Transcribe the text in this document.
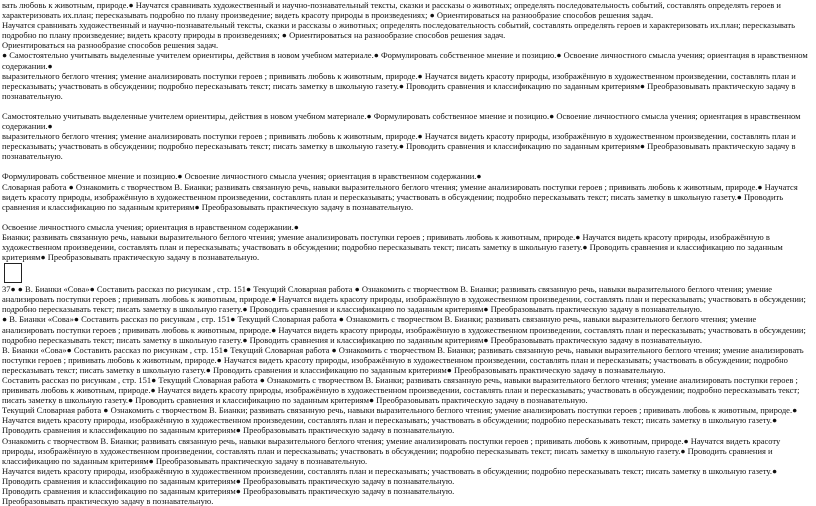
вать любовь к животным, природе.● Научатся сравнивать художественный и научно-познавательный тексты, сказки и рассказы о животных; определять последовательность событий, составлять определять героев и характеризовать их.план; пересказывать подробно по плану произведение; видеть красоту природы в произведениях; ● Ориентироваться на разнообразие способов решения задач.

Научатся сравнивать художественный и научно-познавательный тексты, сказки и рассказы о животных; определять последовательность событий, составлять определять героев и характеризовать их.план; пересказывать подробно по плану произведение; видеть красоту природы в произведениях; ● Ориентироваться на разнообразие способов решения задач.

Ориентироваться на разнообразие способов решения задач.

● Самостоятельно учитывать выделенные учителем ориентиры, действия в новом учебном материале.● Формулировать собственное мнение и позицию.● Освоение личностного смысла учения; ориентация в нравственном содержании.●

выразительного беглого чтения; умение анализировать поступки героев ; прививать любовь к животным, природе.● Научатся видеть красоту природы, изображённую в художественном произведении, составлять план и пересказывать; участвовать в обсуждении; подробно пересказывать текст; писать заметку в школьную газету.● Проводить сравнения и классификацию по заданным критериям● Преобразовывать практическую задачу в познавательную.

Самостоятельно учитывать выделенные учителем ориентиры, действия в новом учебном материале.● Формулировать собственное мнение и позицию.● Освоение личностного смысла учения; ориентация в нравственном содержании.●

выразительного беглого чтения; умение анализировать поступки героев ; прививать любовь к животным, природе.● Научатся видеть красоту природы, изображённую в художественном произведении, составлять план и пересказывать; участвовать в обсуждении; подробно пересказывать текст; писать заметку в школьную газету.● Проводить сравнения и классификацию по заданным критериям● Преобразовывать практическую задачу в познавательную.

Формулировать собственное мнение и позицию.● Освоение личностного смысла учения; ориентация в нравственном содержании.●

Словарная работа ● Ознакомить с творчеством В. Бианки; развивать связанную речь, навыки выразительного беглого чтения; умение анализировать поступки героев ; прививать любовь к животным, природе.● Научатся видеть красоту природы, изображённую в художественном произведении, составлять план и пересказывать; участвовать в обсуждении; подробно пересказывать текст; писать заметку в школьную газету.● Проводить сравнения и классификацию по заданным критериям● Преобразовывать практическую задачу в познавательную.

Освоение личностного смысла учения; ориентация в нравственном содержании.●

Бианки; развивать связанную речь, навыки выразительного беглого чтения; умение анализировать поступки героев ; прививать любовь к животным, природе.● Научатся видеть красоту природы, изображённую в художественном произведении, составлять план и пересказывать; участвовать в обсуждении; подробно пересказывать текст; писать заметку в школьную газету.● Проводить сравнения и классификацию по заданным критериям● Преобразовывать практическую задачу в познавательную.

37● ● В. Бианки «Сова»● Составить рассказ по рисункам , стр. 151● Текущий Словарная работа ● Ознакомить с творчеством В. Бианки; развивать связанную речь, навыки выразительного беглого чтения; умение анализировать поступки героев ; прививать любовь к животным, природе.● Научатся видеть красоту природы, изображённую в художественном произведении, составлять план и пересказывать; участвовать в обсуждении; подробно пересказывать текст; писать заметку в школьную газету.● Проводить сравнения и классификацию по заданным критериям● Преобразовывать практическую задачу в познавательную.

● В. Бианки «Сова»● Составить рассказ по рисункам , стр. 151● Текущий Словарная работа ● Ознакомить с творчеством В. Бианки; развивать связанную речь, навыки выразительного беглого чтения; умение анализировать поступки героев ; прививать любовь к животным, природе.● Научатся видеть красоту природы, изображённую в художественном произведении, составлять план и пересказывать; участвовать в обсуждении; подробно пересказывать текст; писать заметку в школьную газету.● Проводить сравнения и классификацию по заданным критериям● Преобразовывать практическую задачу в познавательную.

В. Бианки «Сова»● Составить рассказ по рисункам , стр. 151● Текущий Словарная работа ● Ознакомить с творчеством В. Бианки; развивать связанную речь, навыки выразительного беглого чтения; умение анализировать поступки героев ; прививать любовь к животным, природе.● Научатся видеть красоту природы, изображённую в художественном произведении, составлять план и пересказывать; участвовать в обсуждении; подробно пересказывать текст; писать заметку в школьную газету.● Проводить сравнения и классификацию по заданным критериям● Преобразовывать практическую задачу в познавательную.

Составить рассказ по рисункам , стр. 151● Текущий Словарная работа ● Ознакомить с творчеством В. Бианки; развивать связанную речь, навыки выразительного беглого чтения; умение анализировать поступки героев ; прививать любовь к животным, природе.● Научатся видеть красоту природы, изображённую в художественном произведении, составлять план и пересказывать; участвовать в обсуждении; подробно пересказывать текст; писать заметку в школьную газету.● Проводить сравнения и классификацию по заданным критериям● Преобразовывать практическую задачу в познавательную.

Текущий Словарная работа ● Ознакомить с творчеством В. Бианки; развивать связанную речь, навыки выразительного беглого чтения; умение анализировать поступки героев ; прививать любовь к животным, природе.● Научатся видеть красоту природы, изображённую в художественном произведении, составлять план и пересказывать; участвовать в обсуждении; подробно пересказывать текст; писать заметку в школьную газету.● Проводить сравнения и классификацию по заданным критериям● Преобразовывать практическую задачу в познавательную.

Ознакомить с творчеством В. Бианки; развивать связанную речь, навыки выразительного беглого чтения; умение анализировать поступки героев ; прививать любовь к животным, природе.● Научатся видеть красоту природы, изображённую в художественном произведении, составлять план и пересказывать; участвовать в обсуждении; подробно пересказывать текст; писать заметку в школьную газету.● Проводить сравнения и классификацию по заданным критериям● Преобразовывать практическую задачу в познавательную.

Научатся видеть красоту природы, изображённую в художественном произведении, составлять план и пересказывать; участвовать в обсуждении; подробно пересказывать текст; писать заметку в школьную газету.● Проводить сравнения и классификацию по заданным критериям● Преобразовывать практическую задачу в познавательную.

Проводить сравнения и классификацию по заданным критериям● Преобразовывать практическую задачу в познавательную.

Преобразовывать практическую задачу в познавательную.
